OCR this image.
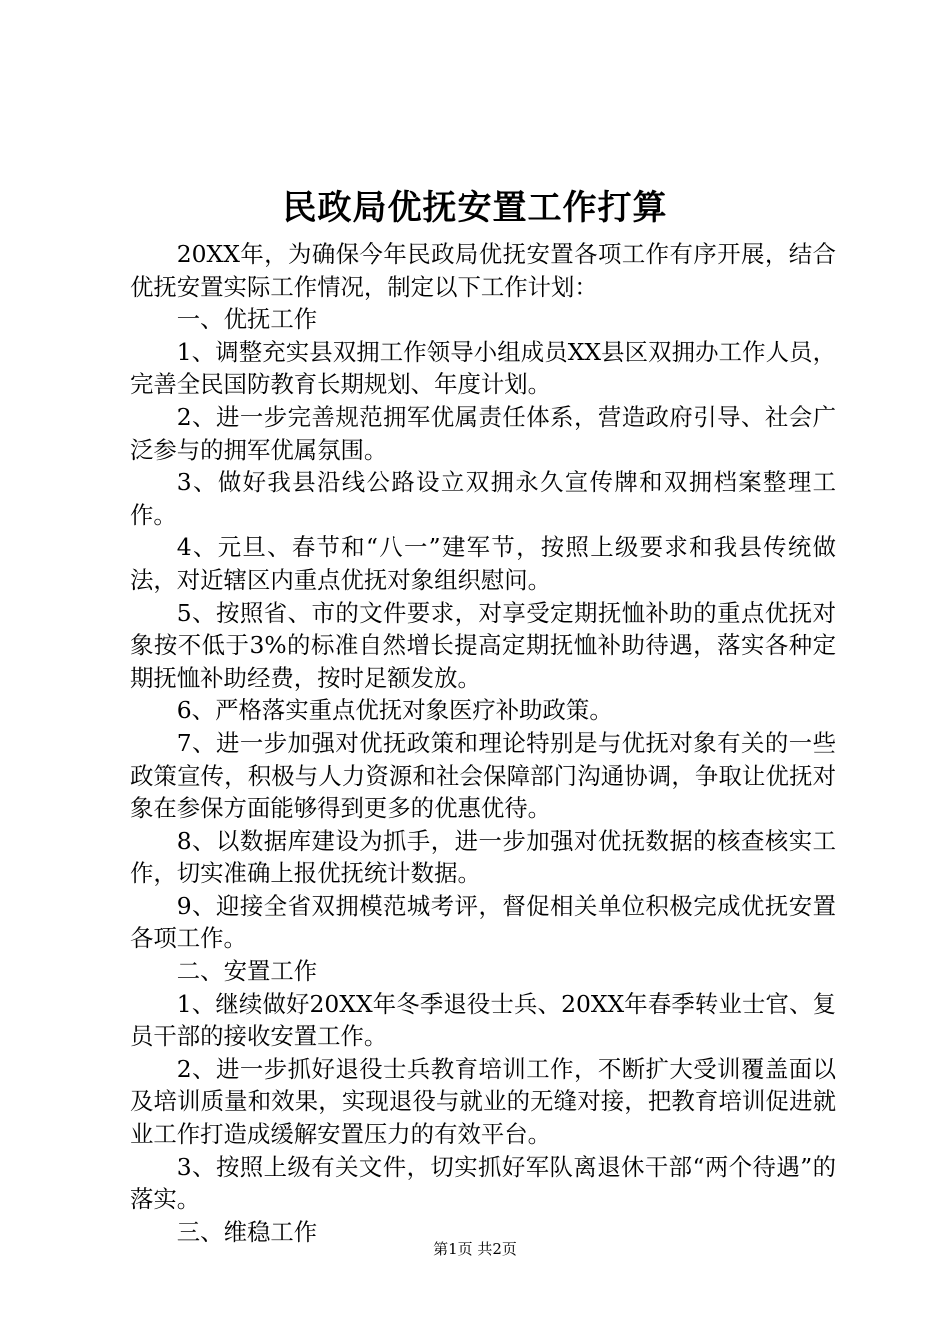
民政局优抚安置工作打算

20XX年，为确保今年民政局优抚安置各项工作有序开展，结合优抚安置实际工作情况，制定以下工作计划：

一、优抚工作

1、调整充实县双拥工作领导小组成员XX县区双拥办工作人员，完善全民国防教育长期规划、年度计划。

2、进一步完善规范拥军优属责任体系，营造政府引导、社会广泛参与的拥军优属氛围。

3、做好我县沿线公路设立双拥永久宣传牌和双拥档案整理工作。

4、元旦、春节和“八一”建军节，按照上级要求和我县传统做法，对近辖区内重点优抚对象组织慰问。

5、按照省、市的文件要求，对享受定期抚恤补助的重点优抚对象按不低于3%的标准自然增长提高定期抚恤补助待遇，落实各种定期抚恤补助经费，按时足额发放。

6、严格落实重点优抚对象医疗补助政策。

7、进一步加强对优抚政策和理论特别是与优抚对象有关的一些政策宣传，积极与人力资源和社会保障部门沟通协调，争取让优抚对象在参保方面能够得到更多的优惠优待。

8、以数据库建设为抓手，进一步加强对优抚数据的核查核实工作，切实准确上报优抚统计数据。

9、迎接全省双拥模范城考评，督促相关单位积极完成优抚安置各项工作。

二、安置工作

1、继续做好20XX年冬季退役士兵、20XX年春季转业士官、复员干部的接收安置工作。

2、进一步抓好退役士兵教育培训工作，不断扩大受训覆盖面以及培训质量和效果，实现退役与就业的无缝对接，把教育培训促进就业工作打造成缓解安置压力的有效平台。

3、按照上级有关文件，切实抓好军队离退休干部“两个待遇”的落实。

三、维稳工作

第1页 共2页
